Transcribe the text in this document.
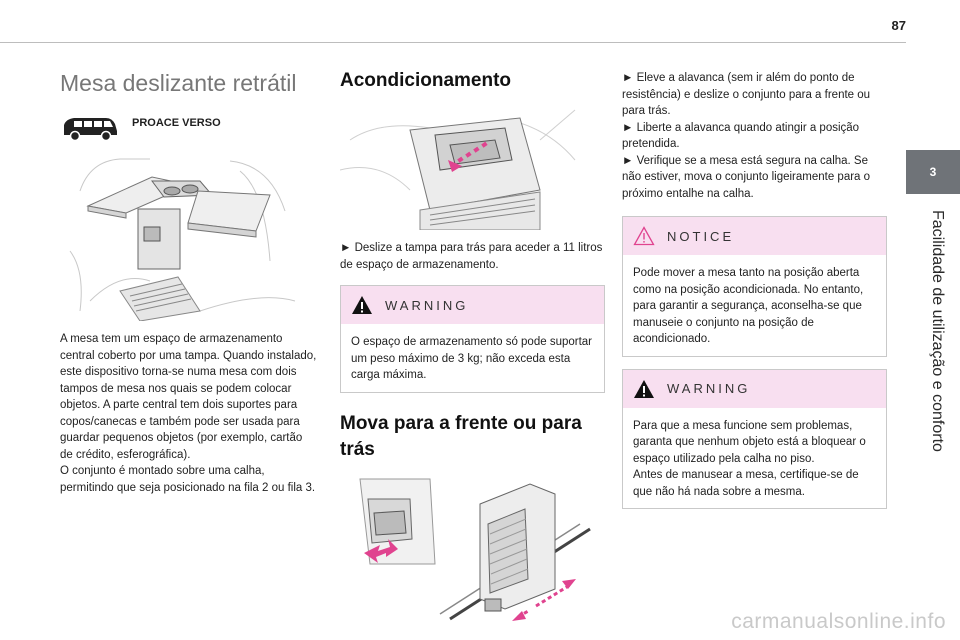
87
3
Facilidade de utilização e conforto
Mesa deslizante retrátil
PROACE VERSO

A mesa tem um espaço de armazenamento central coberto por uma tampa. Quando instalado, este dispositivo torna-se numa mesa com dois tampos de mesa nos quais se podem colocar objetos. A parte central tem dois suportes para copos/canecas e também pode ser usada para guardar pequenos objetos (por exemplo, cartão de crédito, esferográfica).

O conjunto é montado sobre uma calha, permitindo que seja posicionado na fila 2 ou fila 3.

Acondicionamento
► Deslize a tampa para trás para aceder a 11 litros de espaço de armazenamento.
WARNING
O espaço de armazenamento só pode suportar um peso máximo de 3 kg; não exceda esta carga máxima.
Mova para a frente ou para
trás

► Eleve a alavanca (sem ir além do ponto de resistência) e deslize o conjunto para a frente ou para trás.

► Liberte a alavanca quando atingir a posição pretendida.

► Verifique se a mesa está segura na calha. Se não estiver, mova o conjunto ligeiramente para o próximo entalhe na calha.

NOTICE
Pode mover a mesa tanto na posição aberta como na posição acondicionada. No entanto, para garantir a segurança, aconselha-se que manuseie o conjunto na posição de acondicionado.
WARNING

Para que a mesa funcione sem problemas, garanta que nenhum objeto está a bloquear o espaço utilizado pela calha no piso.

Antes de manusear a mesa, certifique-se de que não há nada sobre a mesma.

carmanualsonline.info
